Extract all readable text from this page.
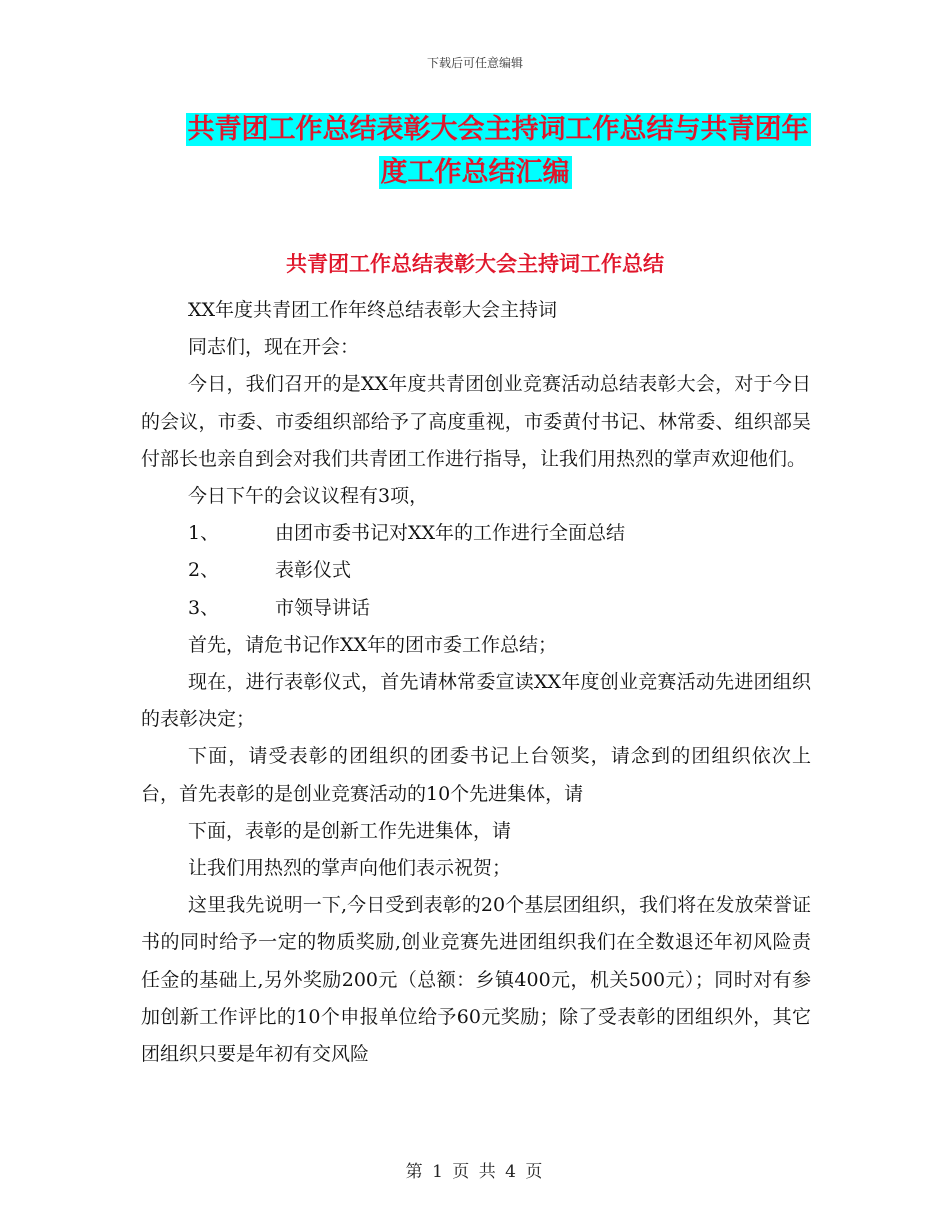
下载后可任意编辑
共青团工作总结表彰大会主持词工作总结与共青团年
度工作总结汇编
共青团工作总结表彰大会主持词工作总结

XX年度共青团工作年终总结表彰大会主持词

同志们，现在开会：

今日，我们召开的是XX年度共青团创业竞赛活动总结表彰大会，对于今日的会议，市委、市委组织部给予了高度重视，市委黄付书记、林常委、组织部吴付部长也亲自到会对我们共青团工作进行指导，让我们用热烈的掌声欢迎他们。

今日下午的会议议程有3项，

1、	由团市委书记对XX年的工作进行全面总结

2、	表彰仪式

3、	市领导讲话

首先，请危书记作XX年的团市委工作总结；

现在，进行表彰仪式，首先请林常委宣读XX年度创业竞赛活动先进团组织的表彰决定；

下面，请受表彰的团组织的团委书记上台领奖，请念到的团组织依次上台，首先表彰的是创业竞赛活动的10个先进集体，请

下面，表彰的是创新工作先进集体，请

让我们用热烈的掌声向他们表示祝贺；

这里我先说明一下,今日受到表彰的20个基层团组织，我们将在发放荣誉证书的同时给予一定的物质奖励,创业竞赛先进团组织我们在全数退还年初风险责任金的基础上,另外奖励200元（总额：乡镇400元，机关500元）；同时对有参加创新工作评比的10个申报单位给予60元奖励；除了受表彰的团组织外，其它团组织只要是年初有交风险

第 1 页 共 4 页
